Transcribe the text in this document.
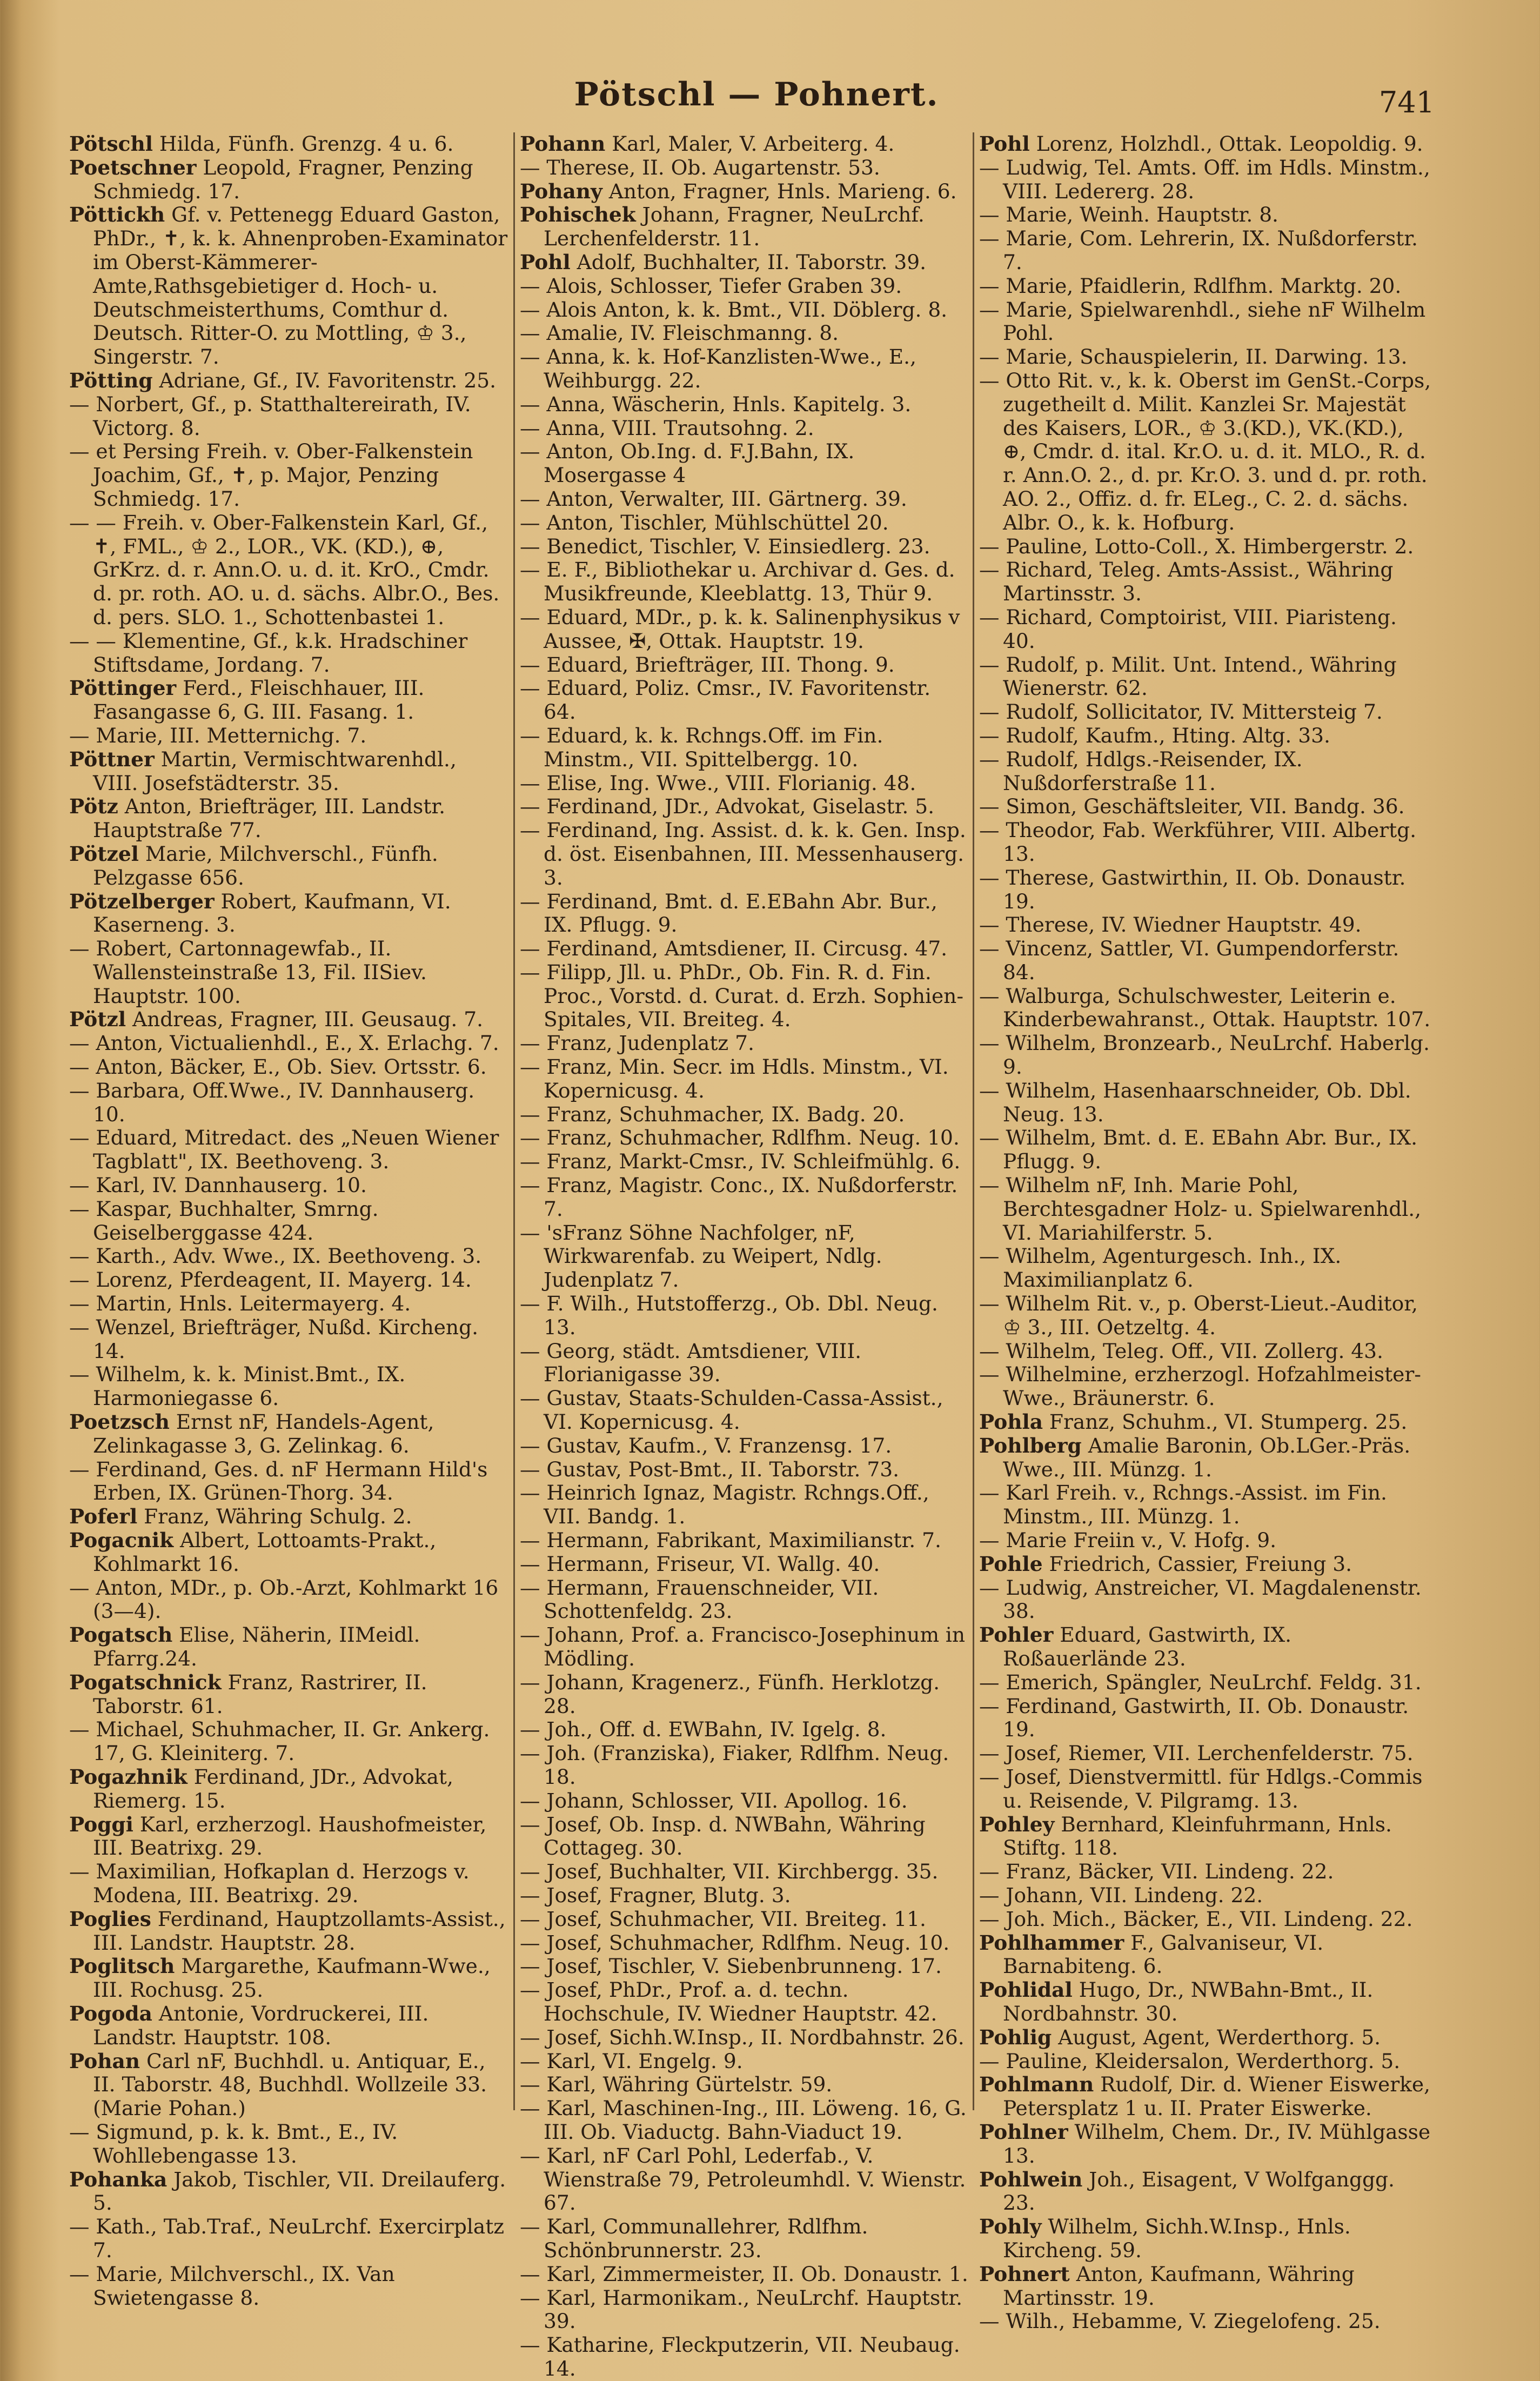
Pötschl — Pohnert.	741

Pötschl Hilda, Fünfh. Grenzg. 4 u. 6.

Poetschner Leopold, Fragner, Penzing Schmiedg. 17.

Pöttickh Gf. v. Pettenegg Eduard Gaston, PhDr., ✝, k. k. Ahnenproben-Examinator im Oberst-Kämmerer-Amte,Rathsgebietiger d. Hoch- u. Deutschmeisterthums, Comthur d. Deutsch. Ritter-O. zu Mottling, ♔ 3., Singerstr. 7.

Pötting Adriane, Gf., IV. Favoritenstr. 25.

— Norbert, Gf., p. Statthaltereirath, IV. Victorg. 8.

— et Persing Freih. v. Ober-Falkenstein Joachim, Gf., ✝, p. Major, Penzing Schmiedg. 17.

— — Freih. v. Ober-Falkenstein Karl, Gf., ✝, FML., ♔ 2., LOR., VK. (KD.), ⊕, GrKrz. d. r. Ann.O. u. d. it. KrO., Cmdr. d. pr. roth. AO. u. d. sächs. Albr.O., Bes. d. pers. SLO. 1., Schottenbastei 1.

— — Klementine, Gf., k.k. Hradschiner Stiftsdame, Jordang. 7.

Pöttinger Ferd., Fleischhauer, III. Fasangasse 6, G. III. Fasang. 1.

— Marie, III. Metternichg. 7.

Pöttner Martin, Vermischtwarenhdl., VIII. Josefstädterstr. 35.

Pötz Anton, Briefträger, III. Landstr. Hauptstraße 77.

Pötzel Marie, Milchverschl., Fünfh. Pelzgasse 656.

Pötzelberger Robert, Kaufmann, VI. Kaserneng. 3.

— Robert, Cartonnagewfab., II. Wallensteinstraße 13, Fil. IISiev. Hauptstr. 100.

Pötzl Andreas, Fragner, III. Geusaug. 7.

— Anton, Victualienhdl., E., X. Erlachg. 7.

— Anton, Bäcker, E., Ob. Siev. Ortsstr. 6.

— Barbara, Off.Wwe., IV. Dannhauserg. 10.

— Eduard, Mitredact. des „Neuen Wiener Tagblatt", IX. Beethoveng. 3.

— Karl, IV. Dannhauserg. 10.

— Kaspar, Buchhalter, Smrng. Geiselberggasse 424.

— Karth., Adv. Wwe., IX. Beethoveng. 3.

— Lorenz, Pferdeagent, II. Mayerg. 14.

— Martin, Hnls. Leitermayerg. 4.

— Wenzel, Briefträger, Nußd. Kircheng. 14.

— Wilhelm, k. k. Minist.Bmt., IX. Harmoniegasse 6.

Poetzsch Ernst nF, Handels-Agent, Zelinkagasse 3, G. Zelinkag. 6.

— Ferdinand, Ges. d. nF Hermann Hild's Erben, IX. Grünen-Thorg. 34.

Poferl Franz, Währing Schulg. 2.

Pogacnik Albert, Lottoamts-Prakt., Kohlmarkt 16.

— Anton, MDr., p. Ob.-Arzt, Kohlmarkt 16 (3—4).

Pogatsch Elise, Näherin, IIMeidl. Pfarrg.24.

Pogatschnick Franz, Rastrirer, II. Taborstr. 61.

— Michael, Schuhmacher, II. Gr. Ankerg. 17, G. Kleiniterg. 7.

Pogazhnik Ferdinand, JDr., Advokat, Riemerg. 15.

Poggi Karl, erzherzogl. Haushofmeister, III. Beatrixg. 29.

— Maximilian, Hofkaplan d. Herzogs v. Modena, III. Beatrixg. 29.

Poglies Ferdinand, Hauptzollamts-Assist., III. Landstr. Hauptstr. 28.

Poglitsch Margarethe, Kaufmann-Wwe., III. Rochusg. 25.

Pogoda Antonie, Vordruckerei, III. Landstr. Hauptstr. 108.

Pohan Carl nF, Buchhdl. u. Antiquar, E., II. Taborstr. 48, Buchhdl. Wollzeile 33. (Marie Pohan.)

— Sigmund, p. k. k. Bmt., E., IV. Wohllebengasse 13.

Pohanka Jakob, Tischler, VII. Dreilauferg. 5.

— Kath., Tab.Traf., NeuLrchf. Exercirplatz 7.

— Marie, Milchverschl., IX. Van Swietengasse 8.

Pohann Karl, Maler, V. Arbeiterg. 4.

— Therese, II. Ob. Augartenstr. 53.

Pohany Anton, Fragner, Hnls. Marieng. 6.

Pohischek Johann, Fragner, NeuLrchf. Lerchenfelderstr. 11.

Pohl Adolf, Buchhalter, II. Taborstr. 39.

— Alois, Schlosser, Tiefer Graben 39.

— Alois Anton, k. k. Bmt., VII. Döblerg. 8.

— Amalie, IV. Fleischmanng. 8.

— Anna, k. k. Hof-Kanzlisten-Wwe., E., Weihburgg. 22.

— Anna, Wäscherin, Hnls. Kapitelg. 3.

— Anna, VIII. Trautsohng. 2.

— Anton, Ob.Ing. d. F.J.Bahn, IX. Mosergasse 4

— Anton, Verwalter, III. Gärtnerg. 39.

— Anton, Tischler, Mühlschüttel 20.

— Benedict, Tischler, V. Einsiedlerg. 23.

— E. F., Bibliothekar u. Archivar d. Ges. d. Musikfreunde, Kleeblattg. 13, Thür 9.

— Eduard, MDr., p. k. k. Salinenphysikus v Aussee, ✠, Ottak. Hauptstr. 19.

— Eduard, Briefträger, III. Thong. 9.

— Eduard, Poliz. Cmsr., IV. Favoritenstr. 64.

— Eduard, k. k. Rchngs.Off. im Fin. Minstm., VII. Spittelbergg. 10.

— Elise, Ing. Wwe., VIII. Florianig. 48.

— Ferdinand, JDr., Advokat, Giselastr. 5.

— Ferdinand, Ing. Assist. d. k. k. Gen. Insp. d. öst. Eisenbahnen, III. Messenhauserg. 3.

— Ferdinand, Bmt. d. E.EBahn Abr. Bur., IX. Pflugg. 9.

— Ferdinand, Amtsdiener, II. Circusg. 47.

— Filipp, Jll. u. PhDr., Ob. Fin. R. d. Fin. Proc., Vorstd. d. Curat. d. Erzh. Sophien-Spitales, VII. Breiteg. 4.

— Franz, Judenplatz 7.

— Franz, Min. Secr. im Hdls. Minstm., VI. Kopernicusg. 4.

— Franz, Schuhmacher, IX. Badg. 20.

— Franz, Schuhmacher, Rdlfhm. Neug. 10.

— Franz, Markt-Cmsr., IV. Schleifmühlg. 6.

— Franz, Magistr. Conc., IX. Nußdorferstr. 7.

— 'sFranz Söhne Nachfolger, nF, Wirkwarenfab. zu Weipert, Ndlg. Judenplatz 7.

— F. Wilh., Hutstofferzg., Ob. Dbl. Neug. 13.

— Georg, städt. Amtsdiener, VIII. Florianigasse 39.

— Gustav, Staats-Schulden-Cassa-Assist., VI. Kopernicusg. 4.

— Gustav, Kaufm., V. Franzensg. 17.

— Gustav, Post-Bmt., II. Taborstr. 73.

— Heinrich Ignaz, Magistr. Rchngs.Off., VII. Bandg. 1.

— Hermann, Fabrikant, Maximilianstr. 7.

— Hermann, Friseur, VI. Wallg. 40.

— Hermann, Frauenschneider, VII. Schottenfeldg. 23.

— Johann, Prof. a. Francisco-Josephinum in Mödling.

— Johann, Kragenerz., Fünfh. Herklotzg. 28.

— Joh., Off. d. EWBahn, IV. Igelg. 8.

— Joh. (Franziska), Fiaker, Rdlfhm. Neug. 18.

— Johann, Schlosser, VII. Apollog. 16.

— Josef, Ob. Insp. d. NWBahn, Währing Cottageg. 30.

— Josef, Buchhalter, VII. Kirchbergg. 35.

— Josef, Fragner, Blutg. 3.

— Josef, Schuhmacher, VII. Breiteg. 11.

— Josef, Schuhmacher, Rdlfhm. Neug. 10.

— Josef, Tischler, V. Siebenbrunneng. 17.

— Josef, PhDr., Prof. a. d. techn. Hochschule, IV. Wiedner Hauptstr. 42.

— Josef, Sichh.W.Insp., II. Nordbahnstr. 26.

— Karl, VI. Engelg. 9.

— Karl, Währing Gürtelstr. 59.

— Karl, Maschinen-Ing., III. Löweng. 16, G. III. Ob. Viaductg. Bahn-Viaduct 19.

— Karl, nF Carl Pohl, Lederfab., V. Wienstraße 79, Petroleumhdl. V. Wienstr. 67.

— Karl, Communallehrer, Rdlfhm. Schönbrunnerstr. 23.

— Karl, Zimmermeister, II. Ob. Donaustr. 1.

— Karl, Harmonikam., NeuLrchf. Hauptstr. 39.

— Katharine, Fleckputzerin, VII. Neubaug. 14.

Pohl Lorenz, Holzhdl., Ottak. Leopoldig. 9.

— Ludwig, Tel. Amts. Off. im Hdls. Minstm., VIII. Ledererg. 28.

— Marie, Weinh. Hauptstr. 8.

— Marie, Com. Lehrerin, IX. Nußdorferstr. 7.

— Marie, Pfaidlerin, Rdlfhm. Marktg. 20.

— Marie, Spielwarenhdl., siehe nF Wilhelm Pohl.

— Marie, Schauspielerin, II. Darwing. 13.

— Otto Rit. v., k. k. Oberst im GenSt.-Corps, zugetheilt d. Milit. Kanzlei Sr. Majestät des Kaisers, LOR., ♔ 3.(KD.), VK.(KD.), ⊕, Cmdr. d. ital. Kr.O. u. d. it. MLO., R. d. r. Ann.O. 2., d. pr. Kr.O. 3. und d. pr. roth. AO. 2., Offiz. d. fr. ELeg., C. 2. d. sächs. Albr. O., k. k. Hofburg.

— Pauline, Lotto-Coll., X. Himbergerstr. 2.

— Richard, Teleg. Amts-Assist., Währing Martinsstr. 3.

— Richard, Comptoirist, VIII. Piaristeng. 40.

— Rudolf, p. Milit. Unt. Intend., Währing Wienerstr. 62.

— Rudolf, Sollicitator, IV. Mittersteig 7.

— Rudolf, Kaufm., Hting. Altg. 33.

— Rudolf, Hdlgs.-Reisender, IX. Nußdorferstraße 11.

— Simon, Geschäftsleiter, VII. Bandg. 36.

— Theodor, Fab. Werkführer, VIII. Albertg. 13.

— Therese, Gastwirthin, II. Ob. Donaustr. 19.

— Therese, IV. Wiedner Hauptstr. 49.

— Vincenz, Sattler, VI. Gumpendorferstr. 84.

— Walburga, Schulschwester, Leiterin e. Kinderbewahranst., Ottak. Hauptstr. 107.

— Wilhelm, Bronzearb., NeuLrchf. Haberlg. 9.

— Wilhelm, Hasenhaarschneider, Ob. Dbl. Neug. 13.

— Wilhelm, Bmt. d. E. EBahn Abr. Bur., IX. Pflugg. 9.

— Wilhelm nF, Inh. Marie Pohl, Berchtesgadner Holz- u. Spielwarenhdl., VI. Mariahilferstr. 5.

— Wilhelm, Agenturgesch. Inh., IX. Maximilianplatz 6.

— Wilhelm Rit. v., p. Oberst-Lieut.-Auditor, ♔ 3., III. Oetzeltg. 4.

— Wilhelm, Teleg. Off., VII. Zollerg. 43.

— Wilhelmine, erzherzogl. Hofzahlmeister-Wwe., Bräunerstr. 6.

Pohla Franz, Schuhm., VI. Stumperg. 25.

Pohlberg Amalie Baronin, Ob.LGer.-Präs. Wwe., III. Münzg. 1.

— Karl Freih. v., Rchngs.-Assist. im Fin. Minstm., III. Münzg. 1.

— Marie Freiin v., V. Hofg. 9.

Pohle Friedrich, Cassier, Freiung 3.

— Ludwig, Anstreicher, VI. Magdalenenstr. 38.

Pohler Eduard, Gastwirth, IX. Roßauerlände 23.

— Emerich, Spängler, NeuLrchf. Feldg. 31.

— Ferdinand, Gastwirth, II. Ob. Donaustr. 19.

— Josef, Riemer, VII. Lerchenfelderstr. 75.

— Josef, Dienstvermittl. für Hdlgs.-Commis u. Reisende, V. Pilgramg. 13.

Pohley Bernhard, Kleinfuhrmann, Hnls. Stiftg. 118.

— Franz, Bäcker, VII. Lindeng. 22.

— Johann, VII. Lindeng. 22.

— Joh. Mich., Bäcker, E., VII. Lindeng. 22.

Pohlhammer F., Galvaniseur, VI. Barnabiteng. 6.

Pohlidal Hugo, Dr., NWBahn-Bmt., II. Nordbahnstr. 30.

Pohlig August, Agent, Werderthorg. 5.

— Pauline, Kleidersalon, Werderthorg. 5.

Pohlmann Rudolf, Dir. d. Wiener Eiswerke, Petersplatz 1 u. II. Prater Eiswerke.

Pohlner Wilhelm, Chem. Dr., IV. Mühlgasse 13.

Pohlwein Joh., Eisagent, V Wolfganggg. 23.

Pohly Wilhelm, Sichh.W.Insp., Hnls. Kircheng. 59.

Pohnert Anton, Kaufmann, Währing Martinsstr. 19.

— Wilh., Hebamme, V. Ziegelofeng. 25.
